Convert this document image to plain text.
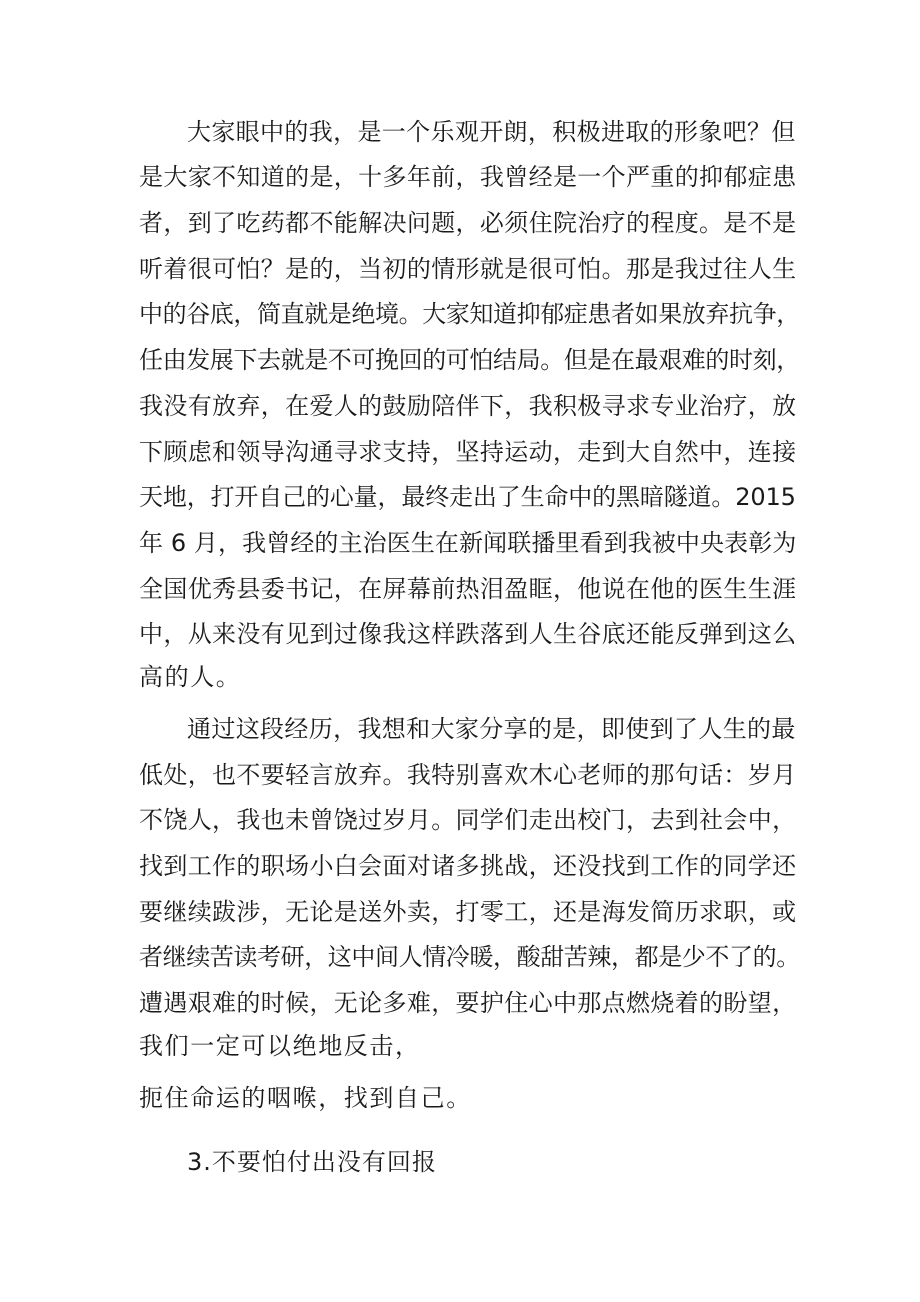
大家眼中的我，是一个乐观开朗，积极进取的形象吧？但
是大家不知道的是，十多年前，我曾经是一个严重的抑郁症患
者，到了吃药都不能解决问题，必须住院治疗的程度。是不是
听着很可怕？是的，当初的情形就是很可怕。那是我过往人生
中的谷底，简直就是绝境。大家知道抑郁症患者如果放弃抗争，
任由发展下去就是不可挽回的可怕结局。但是在最艰难的时刻，
我没有放弃，在爱人的鼓励陪伴下，我积极寻求专业治疗，放
下顾虑和领导沟通寻求支持，坚持运动，走到大自然中，连接
天地，打开自己的心量，最终走出了生命中的黑暗隧道。2015
年 6 月，我曾经的主治医生在新闻联播里看到我被中央表彰为
全国优秀县委书记，在屏幕前热泪盈眶，他说在他的医生生涯
中，从来没有见到过像我这样跌落到人生谷底还能反弹到这么
高的人。
通过这段经历，我想和大家分享的是，即使到了人生的最
低处，也不要轻言放弃。我特别喜欢木心老师的那句话：岁月
不饶人，我也未曾饶过岁月。同学们走出校门，去到社会中，
找到工作的职场小白会面对诸多挑战，还没找到工作的同学还
要继续跋涉，无论是送外卖，打零工，还是海发简历求职，或
者继续苦读考研，这中间人情冷暖，酸甜苦辣，都是少不了的。
遭遇艰难的时候，无论多难，要护住心中那点燃烧着的盼望，
我们一定可以绝地反击，
扼住命运的咽喉，找到自己。
3.不要怕付出没有回报
